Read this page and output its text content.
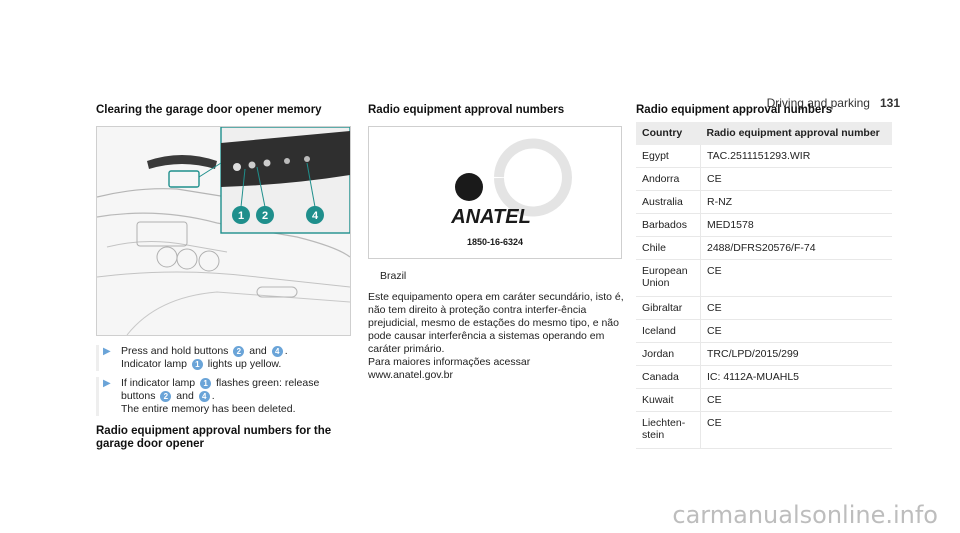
Driving and parking 131
Clearing the garage door opener memory
1 2	4
▶ Press and hold buttons 2 and 4 .
Indicator lamp 1 lights up yellow.
▶ If indicator lamp 1 flashes green: release buttons 2 and 4 .
The entire memory has been deleted.
Radio equipment approval numbers for the garage door opener
Radio equipment approval numbers
ANATEL
1850-16-6324
Brazil
Este equipamento opera em caráter secundário, isto é, não tem direito à proteção contra interfer-ência prejudicial, mesmo de estações do mesmo tipo, e não pode causar interferência a sistemas operando em caráter primário.
Para maiores informações acessar
www.anatel.gov.br
Radio equipment approval numbers
Country	Radio equipment approval number
Egypt	TAC.2511151293.WIR
Andorra	CE
Australia	R-NZ
Barbados	MED1578
Chile	2488/DFRS20576/F-74
European Union	CE
Gibraltar	CE
Iceland	CE
Jordan	TRC/LPD/2015/299
Canada	IC: 4112A-MUAHL5
Kuwait	CE
Liechten-stein	CE
carmanualsonline.info
